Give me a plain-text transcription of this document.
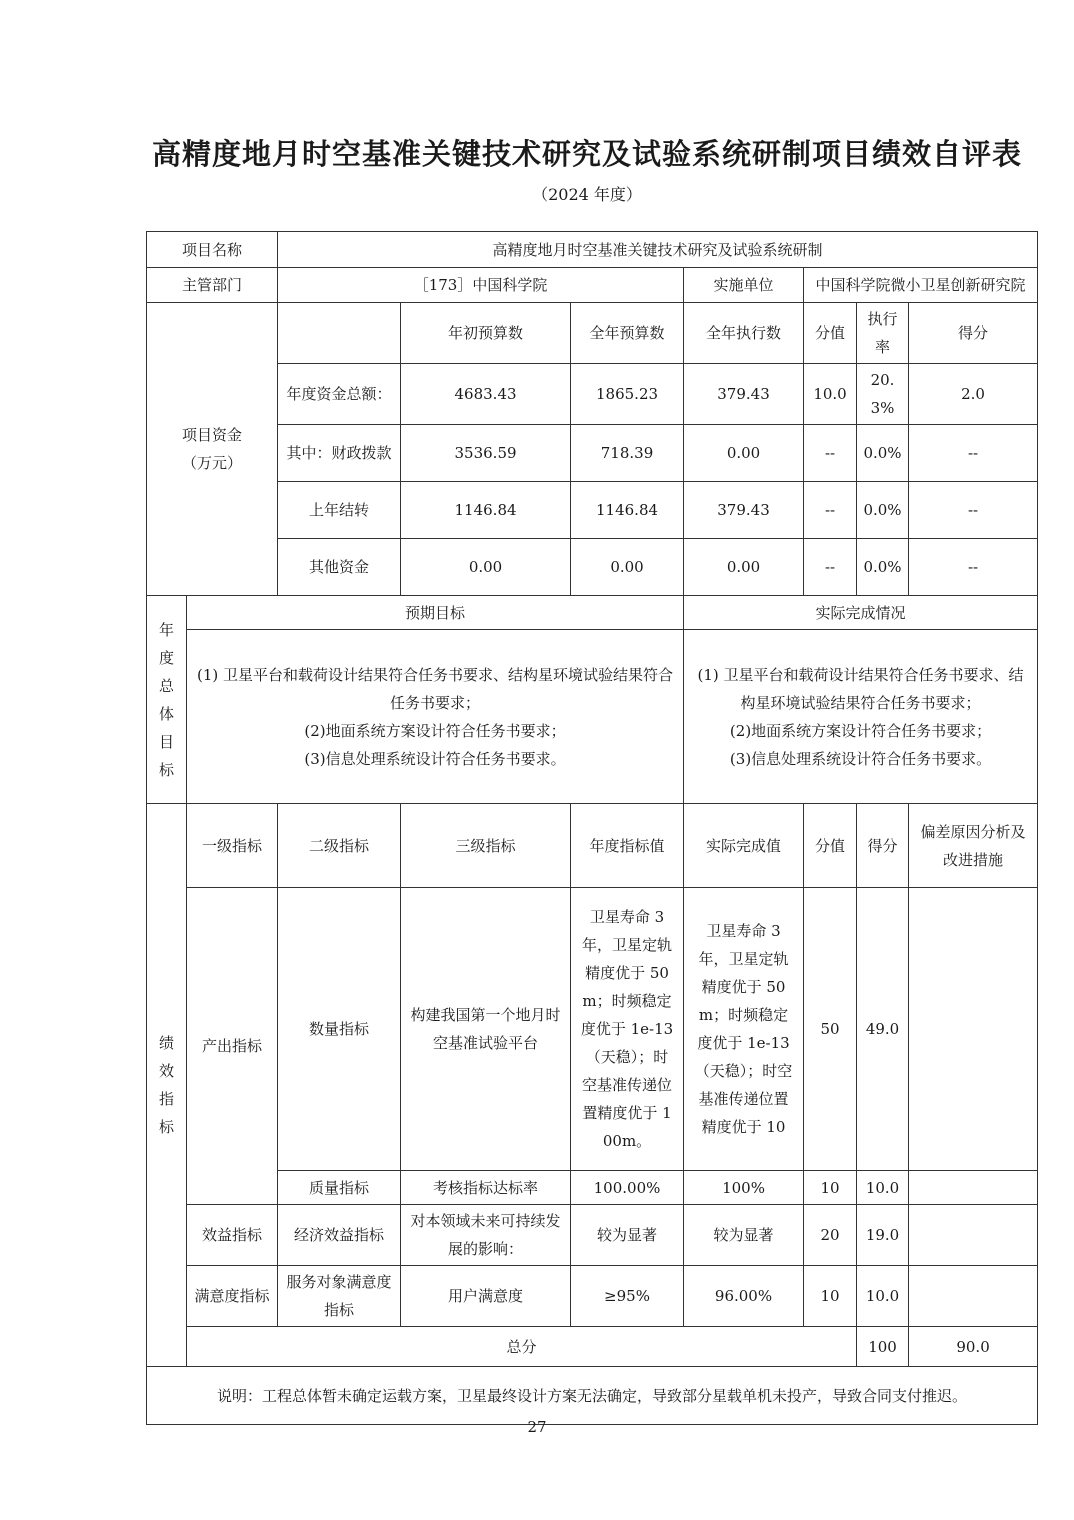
高精度地月时空基准关键技术研究及试验系统研制项目绩效自评表
（2024 年度）
项目名称		高精度地月时空基准关键技术研究及试验系统研制							
主管部门		［173］中国科学院			实施单位	中国科学院微小卫星创新研究院			

项目资金
（万元）			年初预算数	全年预算数	全年执行数	分值	执行率	得分	
		年度资金总额：	4683.43	1865.23	379.43	10.0	20.3%	2.0	
		其中：财政拨款	3536.59	718.39	0.00	--	0.0%	--	
		上年结转	1146.84	1146.84	379.43	--	0.0%	--	
		其他资金	0.00	0.00	0.00	--	0.0%	--	

年度总体目标	预期目标				实际完成情况				

	(1) 卫星平台和载荷设计结果符合任务书要求、结构星环境试验结果符合任务书要求；
(2)地面系统方案设计符合任务书要求；
(3)信息处理系统设计符合任务书要求。				(1) 卫星平台和载荷设计结果符合任务书要求、结构星环境试验结果符合任务书要求；
(2)地面系统方案设计符合任务书要求；
(3)信息处理系统设计符合任务书要求。				

绩效指标	一级指标	二级指标	三级指标	年度指标值	实际完成值	分值	得分	偏差原因分析及
改进措施	

	产出指标	数量指标	构建我国第一个地月时空基准试验平台	卫星寿命 3 年，卫星定轨精度优于 50m；时频稳定度优于 1e-13（天稳）；时空基准传递位置精度优于 100m。	卫星寿命 3 年，卫星定轨精度优于 50m；时频稳定度优于 1e-13（天稳）；时空基准传递位置精度优于 10	50	49.0		
		质量指标	考核指标达标率	100.00%	100%	10	10.0		
	效益指标	经济效益指标	对本领域未来可持续发展的影响：	较为显著	较为显著	20	19.0		
	满意度指标	服务对象满意度指标	用户满意度	≥95%	96.00%	10	10.0		
	总分						100	90.0	
说明：工程总体暂未确定运载方案，卫星最终设计方案无法确定，导致部分星载单机未投产，导致合同支付推迟。									
27
